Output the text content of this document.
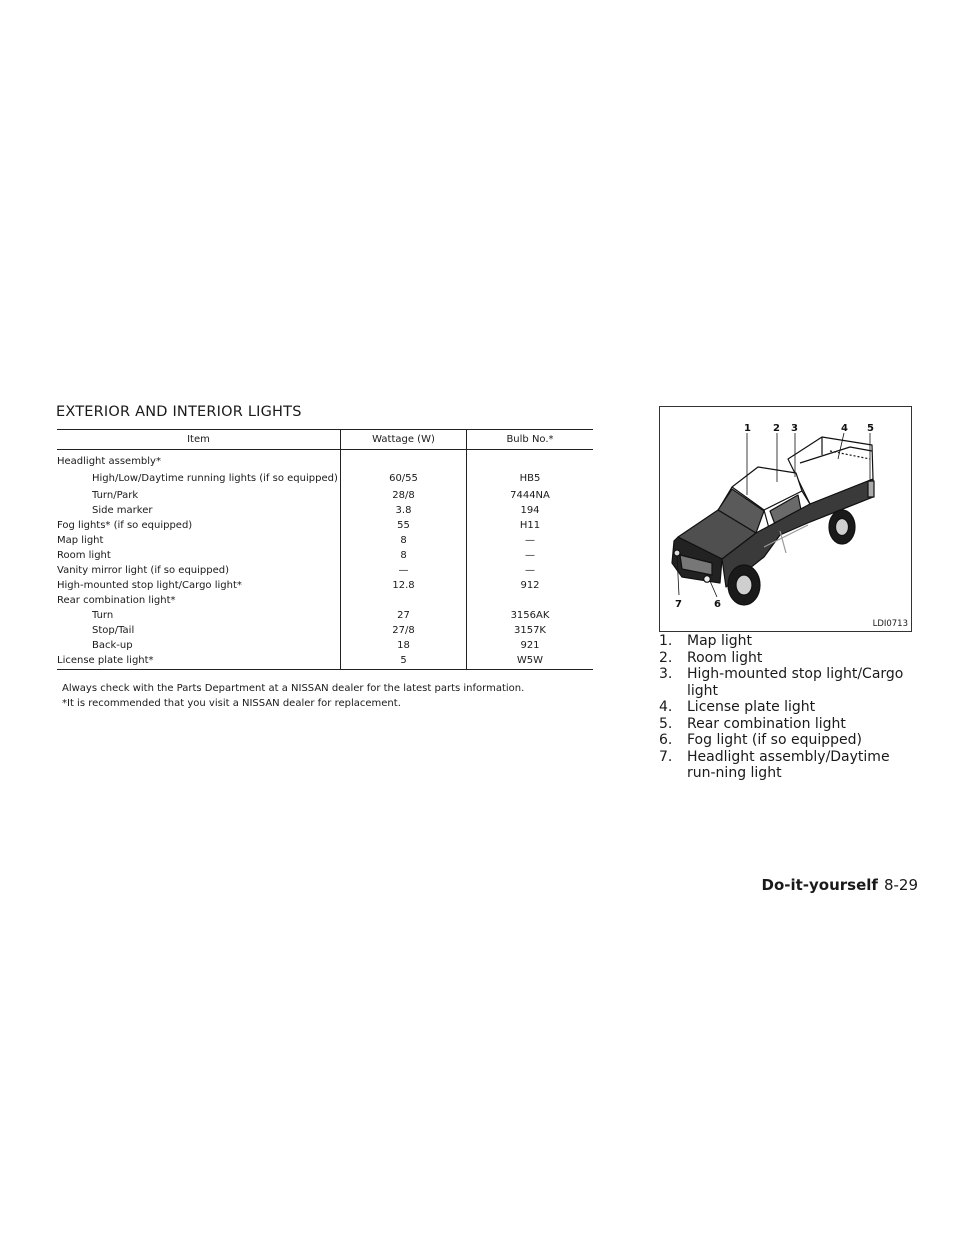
EXTERIOR AND INTERIOR LIGHTS
Item	Wattage (W)	Bulb No.*
Headlight assembly*		
High/Low/Daytime running lights (if so equipped)	60/55	HB5
Turn/Park	28/8	7444NA
Side marker	3.8	194
Fog lights* (if so equipped)	55	H11
Map light	8	—
Room light	8	—
Vanity mirror light (if so equipped)	—	—
High-mounted stop light/Cargo light*	12.8	912
Rear combination light*		
Turn	27	3156AK
Stop/Tail	27/8	3157K
Back-up	18	921
License plate light*	5	W5W

Always check with the Parts Department at a NISSAN dealer for the latest parts information.

*It is recommended that you visit a NISSAN dealer for replacement.

1 2 3	4 5
6
7
LDI0713
1.	Map light
2.	Room light
3.	High-mounted stop light/Cargo light
4.	License plate light
5.	Rear combination light
6.	Fog light (if so equipped)
7.	Headlight assembly/Daytime run-ning light
Do-it-yourself 8-29
